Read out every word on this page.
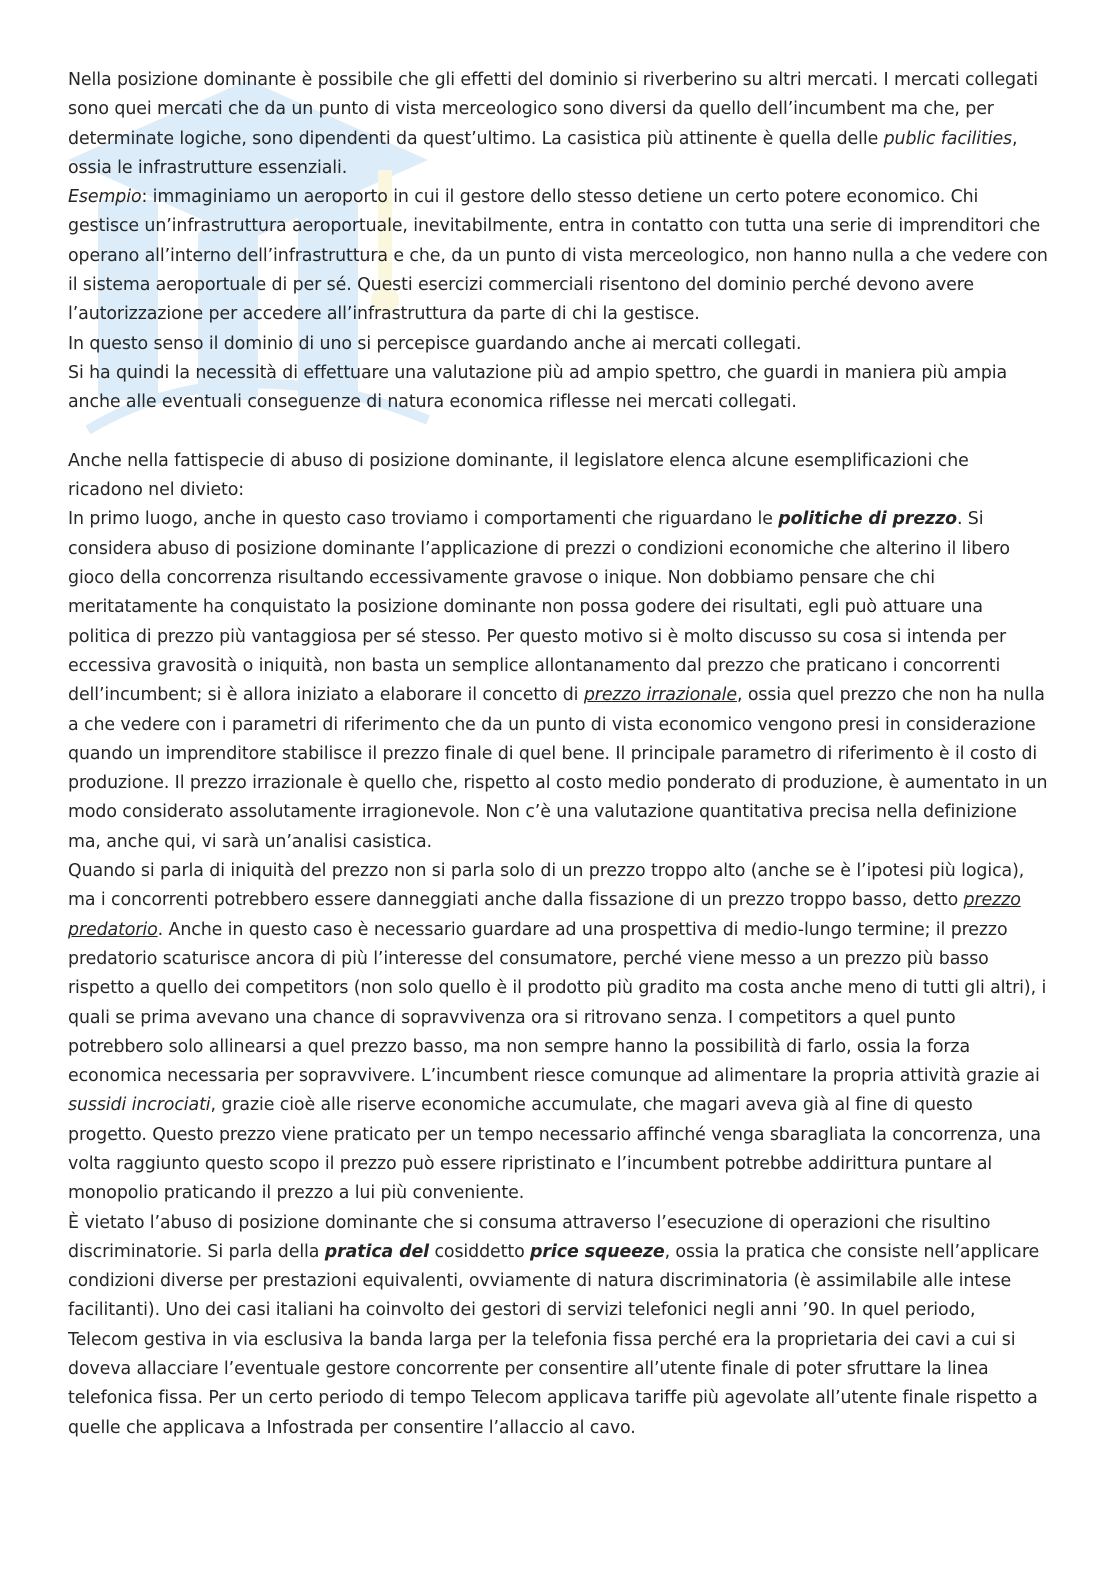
Nella posizione dominante è possibile che gli effetti del dominio si riverberino su altri mercati. I mercati collegati sono quei mercati che da un punto di vista merceologico sono diversi da quello dell’incumbent ma che, per determinate logiche, sono dipendenti da quest’ultimo. La casistica più attinente è quella delle public facilities, ossia le infrastrutture essenziali.

Esempio: immaginiamo un aeroporto in cui il gestore dello stesso detiene un certo potere economico. Chi gestisce un’infrastruttura aeroportuale, inevitabilmente, entra in contatto con tutta una serie di imprenditori che operano all’interno dell’infrastruttura e che, da un punto di vista merceologico, non hanno nulla a che vedere con il sistema aeroportuale di per sé. Questi esercizi commerciali risentono del dominio perché devono avere l’autorizzazione per accedere all’infrastruttura da parte di chi la gestisce.

In questo senso il dominio di uno si percepisce guardando anche ai mercati collegati.

Si ha quindi la necessità di effettuare una valutazione più ad ampio spettro, che guardi in maniera più ampia anche alle eventuali conseguenze di natura economica riflesse nei mercati collegati.

Anche nella fattispecie di abuso di posizione dominante, il legislatore elenca alcune esemplificazioni che ricadono nel divieto:

In primo luogo, anche in questo caso troviamo i comportamenti che riguardano le politiche di prezzo. Si considera abuso di posizione dominante l’applicazione di prezzi o condizioni economiche che alterino il libero gioco della concorrenza risultando eccessivamente gravose o inique. Non dobbiamo pensare che chi meritatamente ha conquistato la posizione dominante non possa godere dei risultati, egli può attuare una politica di prezzo più vantaggiosa per sé stesso. Per questo motivo si è molto discusso su cosa si intenda per eccessiva gravosità o iniquità, non basta un semplice allontanamento dal prezzo che praticano i concorrenti dell’incumbent; si è allora iniziato a elaborare il concetto di prezzo irrazionale, ossia quel prezzo che non ha nulla a che vedere con i parametri di riferimento che da un punto di vista economico vengono presi in considerazione quando un imprenditore stabilisce il prezzo finale di quel bene. Il principale parametro di riferimento è il costo di produzione. Il prezzo irrazionale è quello che, rispetto al costo medio ponderato di produzione, è aumentato in un modo considerato assolutamente irragionevole. Non c’è una valutazione quantitativa precisa nella definizione ma, anche qui, vi sarà un’analisi casistica.

Quando si parla di iniquità del prezzo non si parla solo di un prezzo troppo alto (anche se è l’ipotesi più logica), ma i concorrenti potrebbero essere danneggiati anche dalla fissazione di un prezzo troppo basso, detto prezzo predatorio. Anche in questo caso è necessario guardare ad una prospettiva di medio-lungo termine; il prezzo predatorio scaturisce ancora di più l’interesse del consumatore, perché viene messo a un prezzo più basso rispetto a quello dei competitors (non solo quello è il prodotto più gradito ma costa anche meno di tutti gli altri), i quali se prima avevano una chance di sopravvivenza ora si ritrovano senza. I competitors a quel punto potrebbero solo allinearsi a quel prezzo basso, ma non sempre hanno la possibilità di farlo, ossia la forza economica necessaria per sopravvivere. L’incumbent riesce comunque ad alimentare la propria attività grazie ai sussidi incrociati, grazie cioè alle riserve economiche accumulate, che magari aveva già al fine di questo progetto. Questo prezzo viene praticato per un tempo necessario affinché venga sbaragliata la concorrenza, una volta raggiunto questo scopo il prezzo può essere ripristinato e l’incumbent potrebbe addirittura puntare al monopolio praticando il prezzo a lui più conveniente.

È vietato l’abuso di posizione dominante che si consuma attraverso l’esecuzione di operazioni che risultino discriminatorie. Si parla della pratica del cosiddetto price squeeze, ossia la pratica che consiste nell’applicare condizioni diverse per prestazioni equivalenti, ovviamente di natura discriminatoria (è assimilabile alle intese facilitanti). Uno dei casi italiani ha coinvolto dei gestori di servizi telefonici negli anni ’90. In quel periodo, Telecom gestiva in via esclusiva la banda larga per la telefonia fissa perché era la proprietaria dei cavi a cui si doveva allacciare l’eventuale gestore concorrente per consentire all’utente finale di poter sfruttare la linea telefonica fissa. Per un certo periodo di tempo Telecom applicava tariffe più agevolate all’utente finale rispetto a quelle che applicava a Infostrada per consentire l’allaccio al cavo.
